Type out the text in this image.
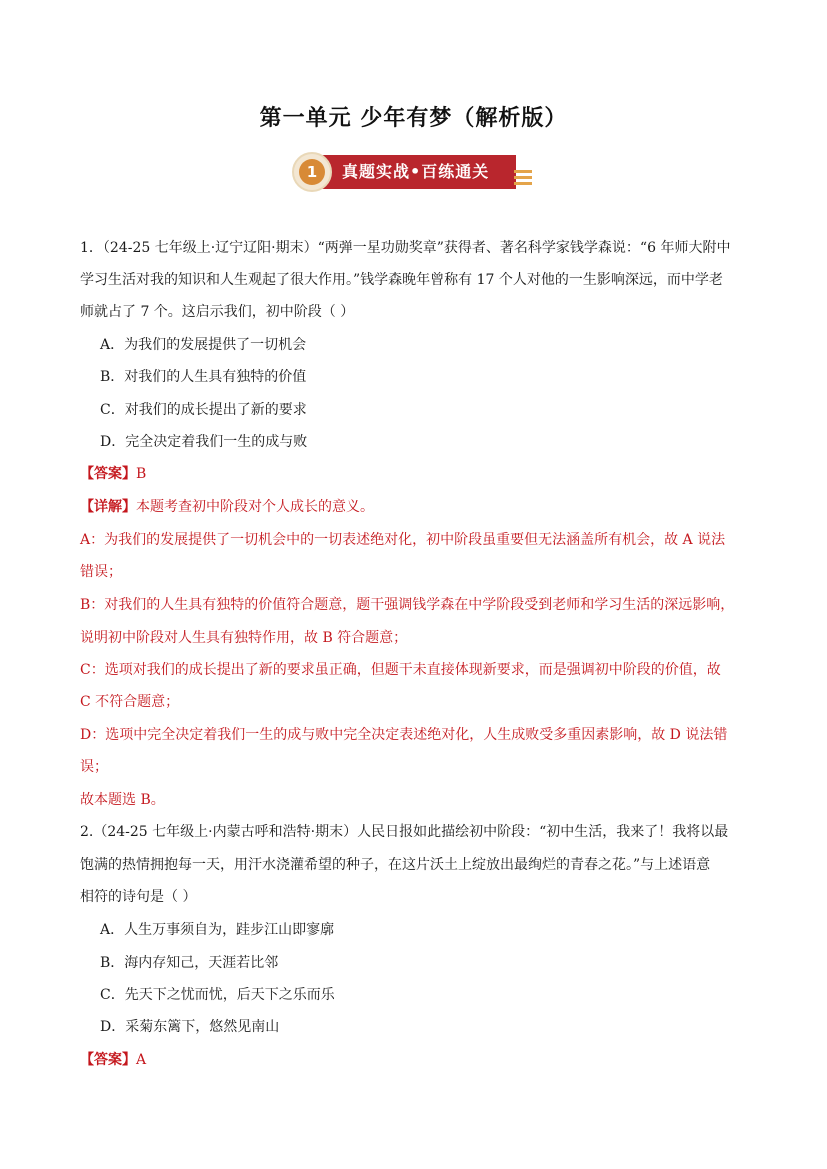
第一单元 少年有梦（解析版）
1	真题实战•百练通关
1．（24-25 七年级上·辽宁辽阳·期末）“两弹一星功勋奖章”获得者、著名科学家钱学森说：“6 年师大附中
学习生活对我的知识和人生观起了很大作用。”钱学森晚年曾称有 17 个人对他的一生影响深远，而中学老
师就占了 7 个。这启示我们，初中阶段（ ）
A．为我们的发展提供了一切机会
B．对我们的人生具有独特的价值
C．对我们的成长提出了新的要求
D．完全决定着我们一生的成与败
【答案】B
【详解】本题考查初中阶段对个人成长的意义。
A：为我们的发展提供了一切机会中的一切表述绝对化，初中阶段虽重要但无法涵盖所有机会，故 A 说法
错误；
B：对我们的人生具有独特的价值符合题意，题干强调钱学森在中学阶段受到老师和学习生活的深远影响，
说明初中阶段对人生具有独特作用，故 B 符合题意；
C：选项对我们的成长提出了新的要求虽正确，但题干未直接体现新要求，而是强调初中阶段的价值，故
C 不符合题意；
D：选项中完全决定着我们一生的成与败中完全决定表述绝对化，人生成败受多重因素影响，故 D 说法错
误；
故本题选 B。
2.（24-25 七年级上·内蒙古呼和浩特·期末）人民日报如此描绘初中阶段：“初中生活，我来了！我将以最
饱满的热情拥抱每一天，用汗水浇灌希望的种子，在这片沃土上绽放出最绚烂的青春之花。”与上述语意
相符的诗句是（ ）
A．人生万事须自为，跬步江山即寥廓
B．海内存知己，天涯若比邻
C．先天下之忧而忧，后天下之乐而乐
D．采菊东篱下，悠然见南山
【答案】A
